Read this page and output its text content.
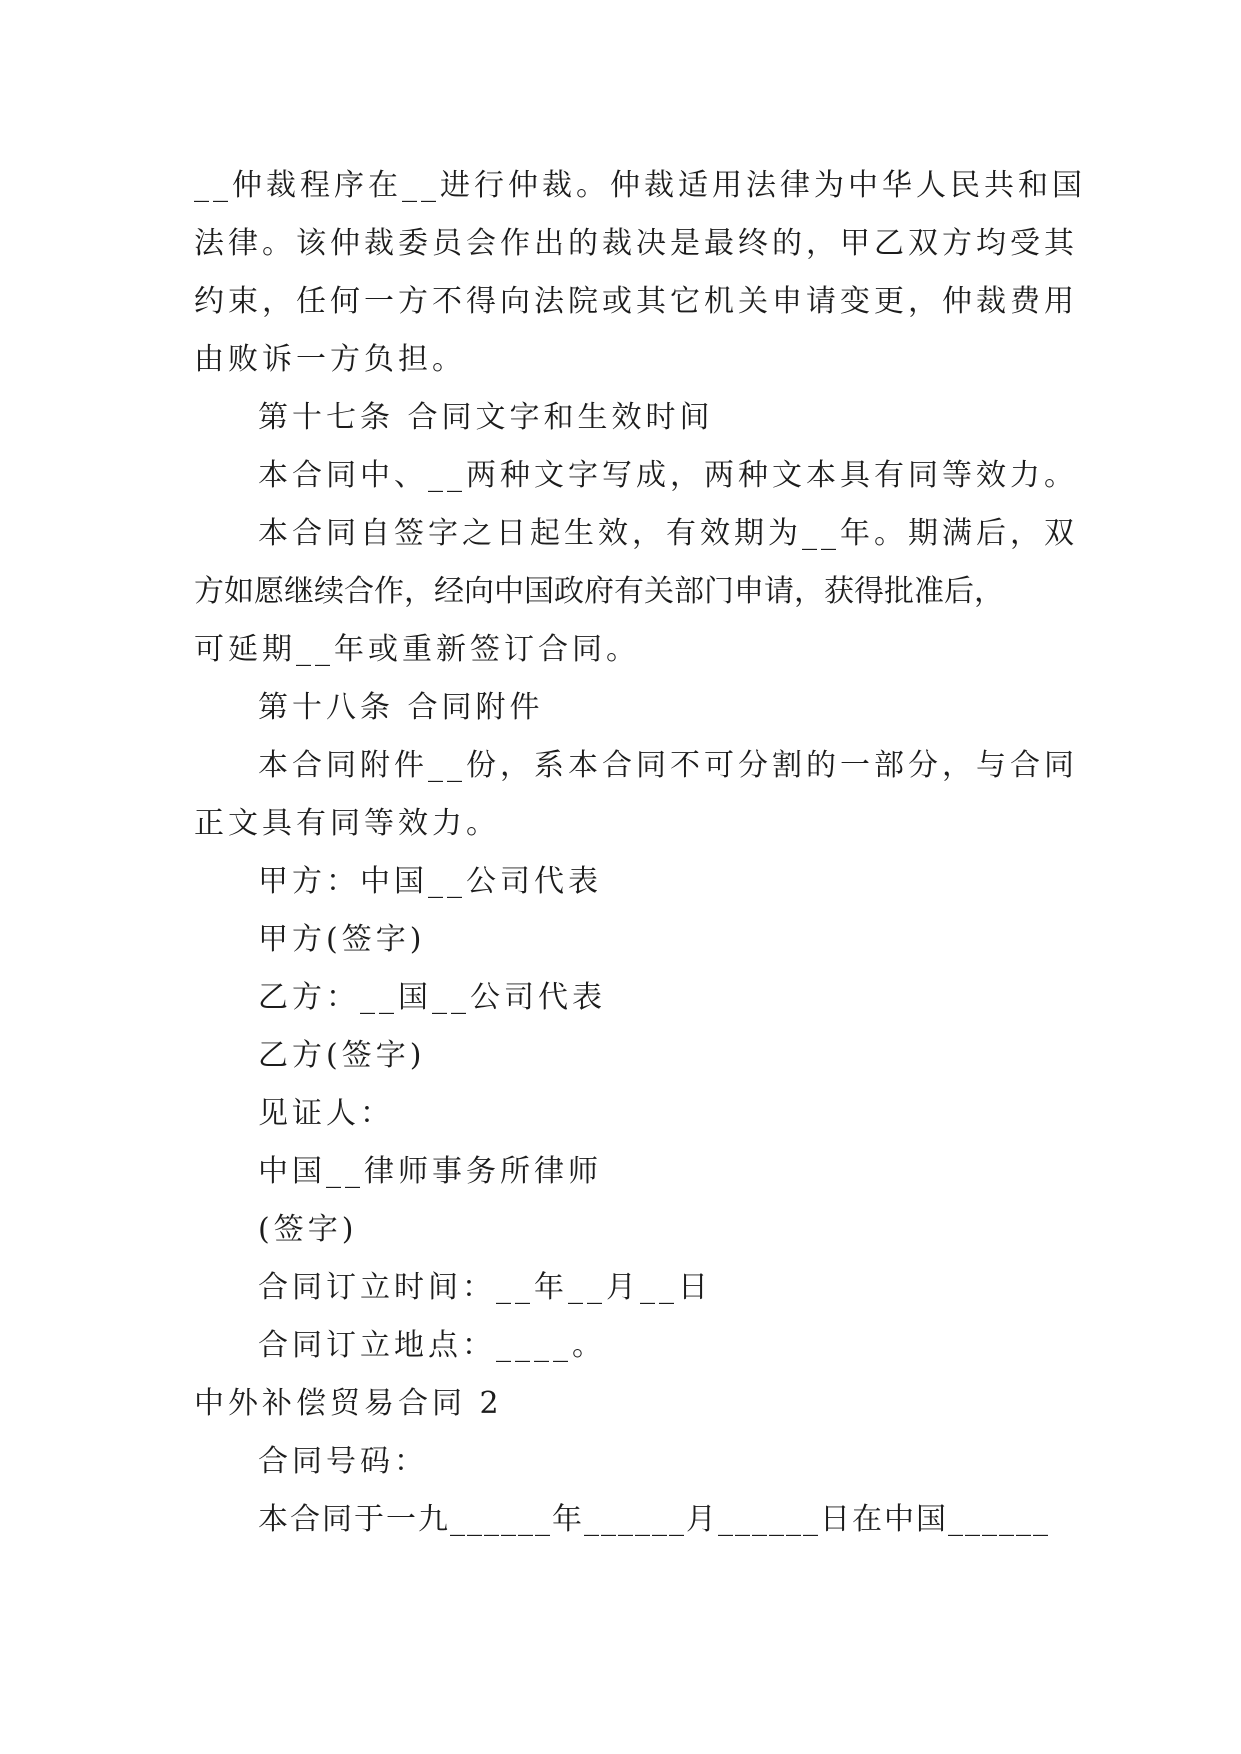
__仲裁程序在__进行仲裁。仲裁适用法律为中华人民共和国
法律。该仲裁委员会作出的裁决是最终的，甲乙双方均受其
约束，任何一方不得向法院或其它机关申请变更，仲裁费用
由败诉一方负担。
第十七条 合同文字和生效时间
本合同中、__两种文字写成，两种文本具有同等效力。
本合同自签字之日起生效，有效期为__年。期满后，双
方如愿继续合作，经向中国政府有关部门申请，获得批准后，
可延期__年或重新签订合同。
第十八条 合同附件
本合同附件__份，系本合同不可分割的一部分，与合同
正文具有同等效力。
甲方：中国__公司代表
甲方(签字)
乙方：__国__公司代表
乙方(签字)
见证人：
中国__律师事务所律师
(签字)
合同订立时间：__年__月__日
合同订立地点：____。
中外补偿贸易合同 2
合同号码：
本合同于一九______年______月______日在中国______
